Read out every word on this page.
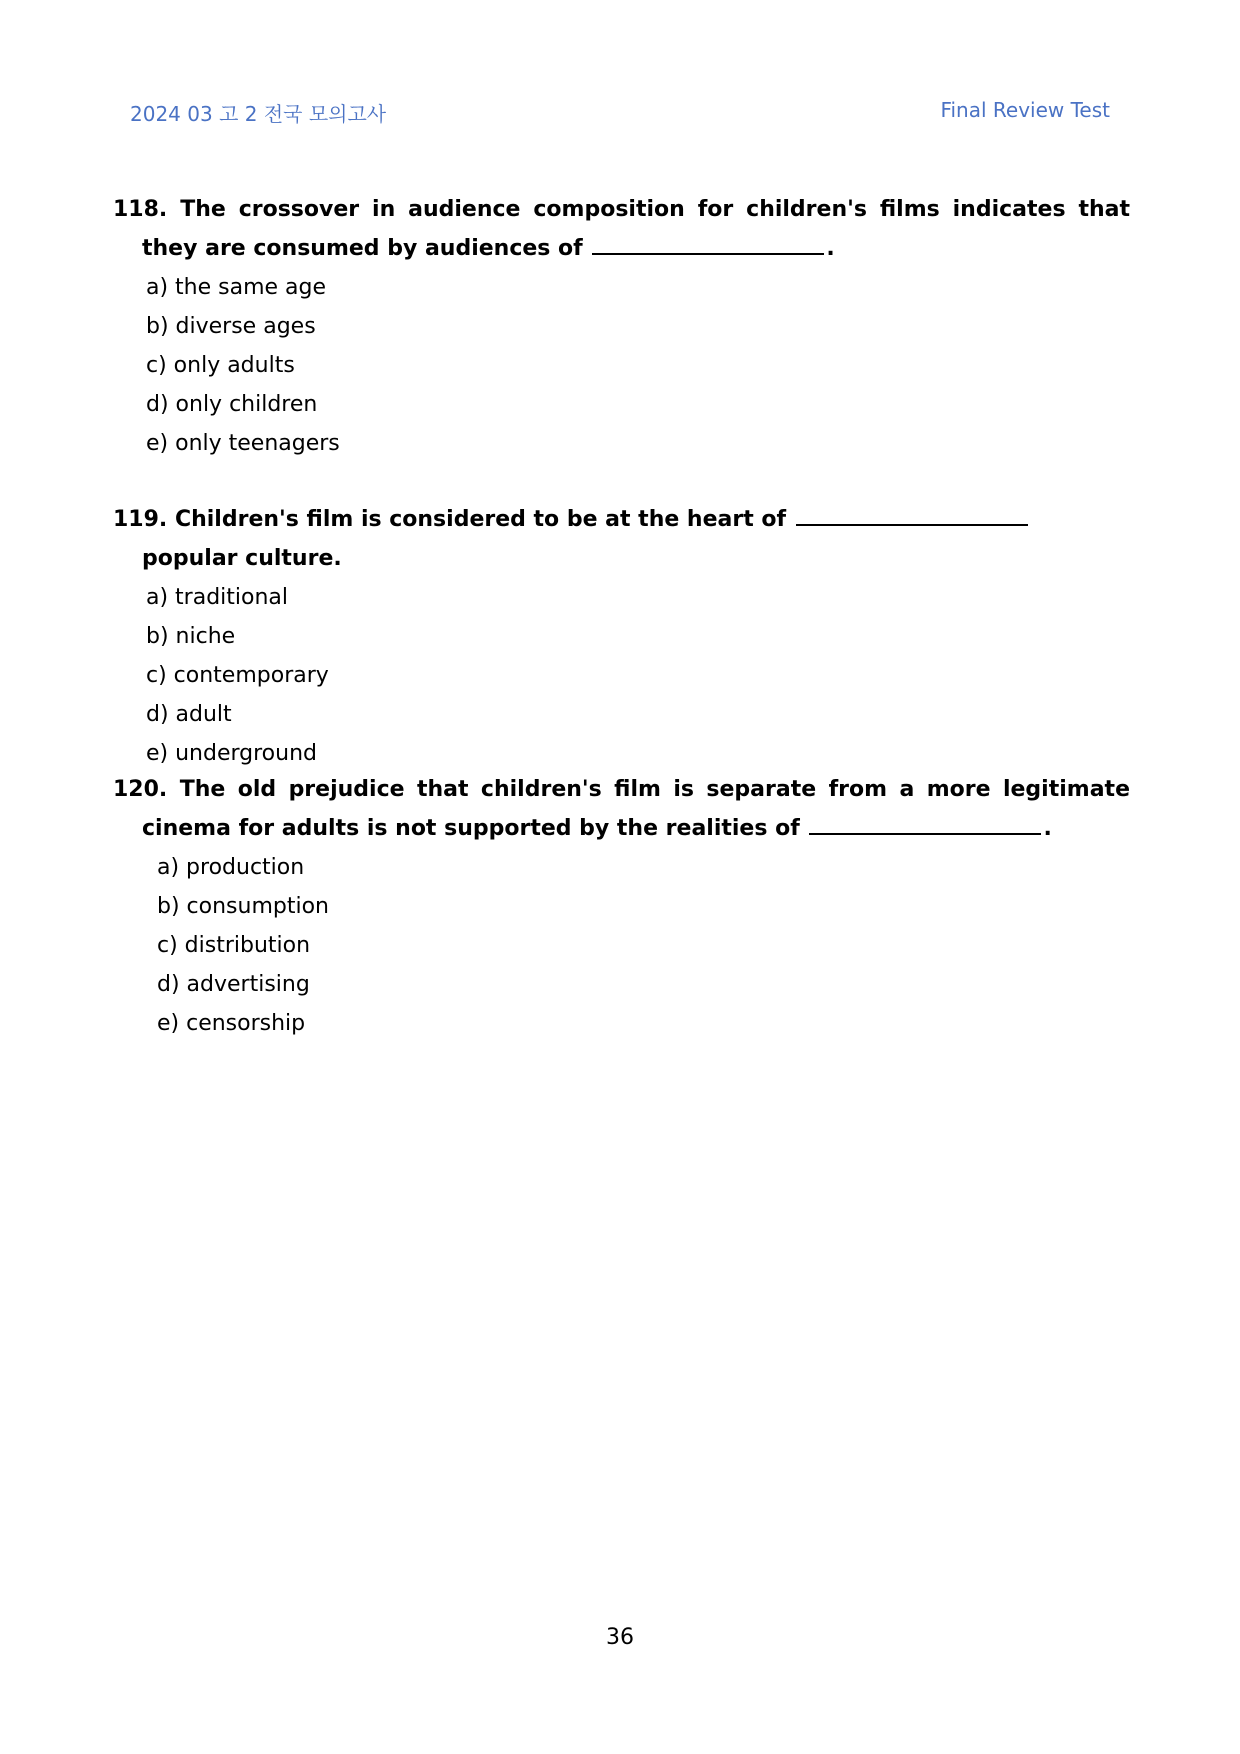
2024 03 고 2 전국 모의고사	Final Review Test
118. The crossover in audience composition for children's films indicates that they are consumed by audiences of	.
a) the same age
b) diverse ages
c) only adults
d) only children
e) only teenagers
119. Children's film is considered to be at the heart of  popular culture.
a) traditional
b) niche
c) contemporary
d) adult
e) underground
120. The old prejudice that children's film is separate from a more legitimate cinema for adults is not supported by the realities of	.
a) production
b) consumption
c) distribution
d) advertising
e) censorship
36
